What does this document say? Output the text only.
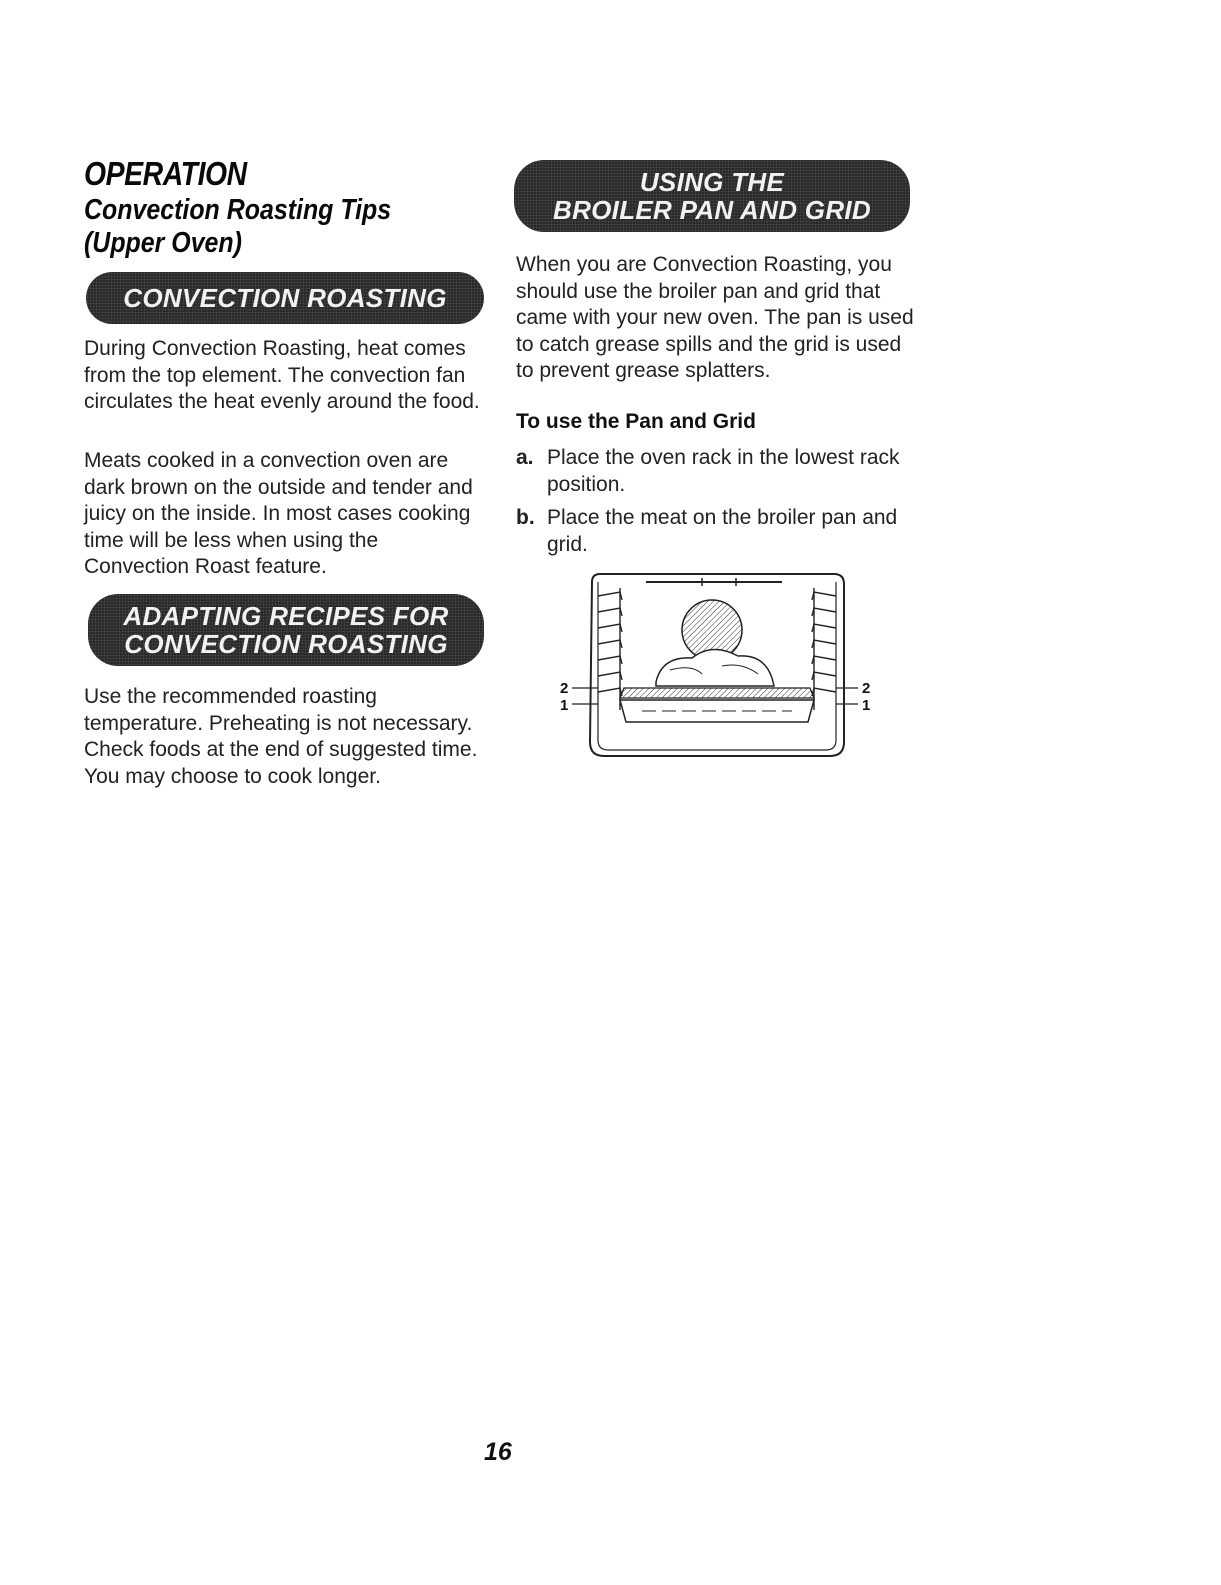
OPERATION
Convection Roasting Tips
(Upper Oven)
CONVECTION ROASTING

During Convection Roasting, heat comes from the top element. The convection fan circulates the heat evenly around the food.

Meats cooked in a convection oven are dark brown on the outside and tender and juicy on the inside. In most cases cooking time will be less when using the Convection Roast feature.

ADAPTING RECIPES FOR
CONVECTION ROASTING

Use the recommended roasting temperature. Preheating is not necessary. Check foods at the end of suggested time. You may choose to cook longer.

USING THE
BROILER PAN AND GRID

When you are Convection Roasting, you should use the broiler pan and grid that came with your new oven. The pan is used to catch grease spills and the grid is used to prevent grease splatters.

To use the Pan and Grid

a. Place the oven rack in the lowest rack position.
b. Place the meat on the broiler pan and grid.
2
1
2
1

16
